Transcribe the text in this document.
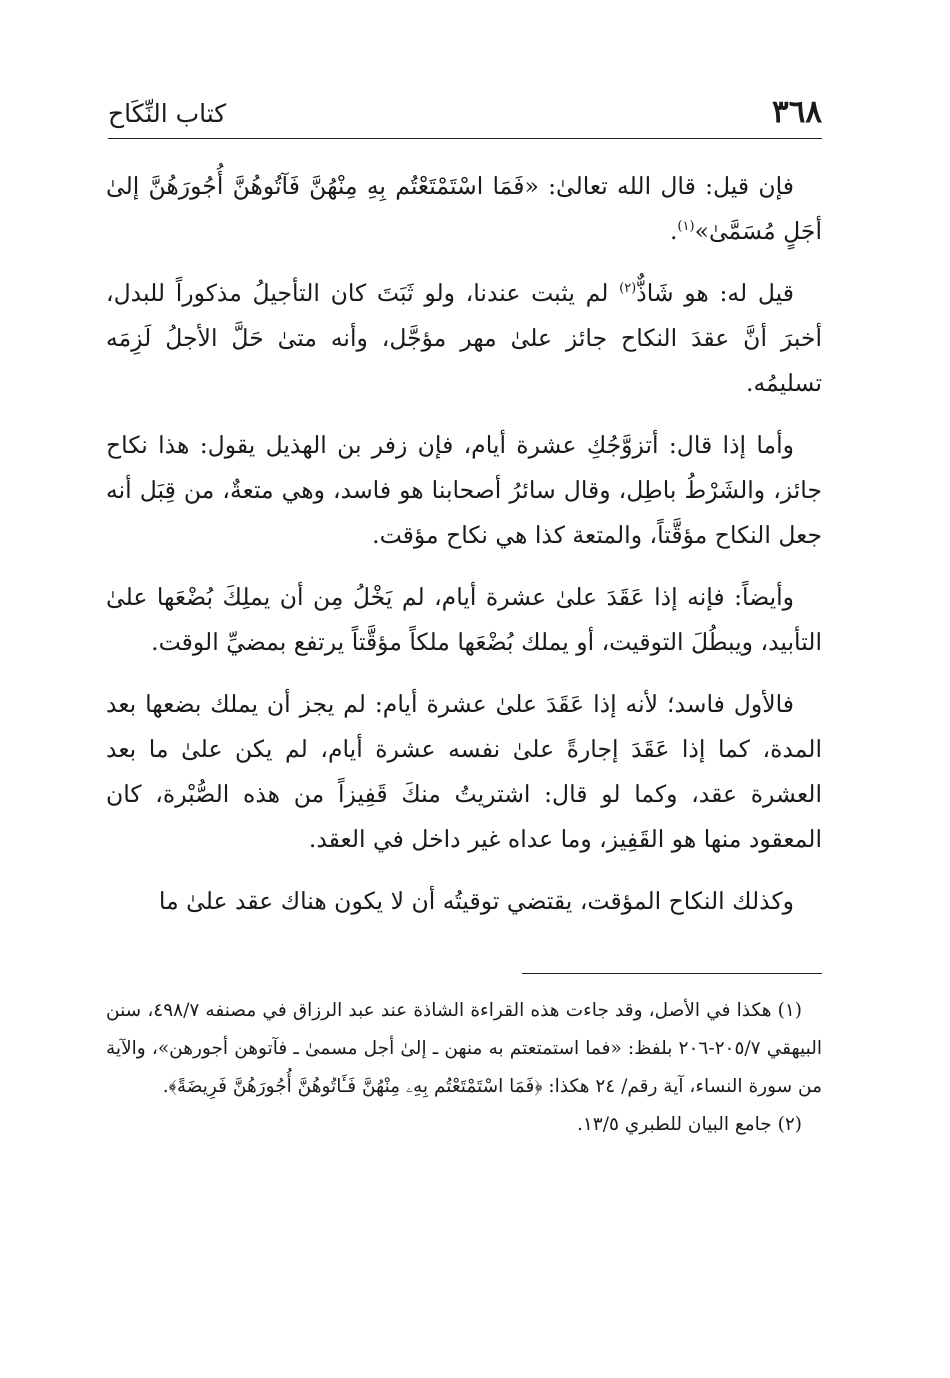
٣٦٨
كتاب النِّكَاح

فإن قيل: قال الله تعالىٰ: «فَمَا اسْتَمْتَعْتُم بِهِ مِنْهُنَّ فَآتُوهُنَّ أُجُورَهُنَّ إلىٰ أجَلٍ مُسَمَّىٰ»$^{(١)}$.

قيل له: هو شَاذٌّ$^{(٢)}$ لم يثبت عندنا، ولو ثَبَتَ كان التأجيلُ مذكوراً للبدل، أخبرَ أنَّ عقدَ النكاح جائز علىٰ مهر مؤجَّل، وأنه متىٰ حَلَّ الأجلُ لَزِمَه تسليمُه.

وأما إذا قال: أتزوَّجُكِ عشرة أيام، فإن زفر بن الهذيل يقول: هذا نكاح جائز، والشَرْطُ باطِل، وقال سائرُ أصحابنا هو فاسد، وهي متعةٌ، من قِبَل أنه جعل النكاح مؤقَّتاً، والمتعة كذا هي نكاح مؤقت.

وأيضاً: فإنه إذا عَقَدَ علىٰ عشرة أيام، لم يَخْلُ مِن أن يملِكَ بُضْعَها علىٰ التأبيد، ويبطُلَ التوقيت، أو يملك بُضْعَها ملكاً مؤقَّتاً يرتفع بمضيِّ الوقت.

فالأول فاسد؛ لأنه إذا عَقَدَ علىٰ عشرة أيام: لم يجز أن يملك بضعها بعد المدة، كما إذا عَقَدَ إجارةً علىٰ نفسه عشرة أيام، لم يكن علىٰ ما بعد العشرة عقد، وكما لو قال: اشتريتُ منكَ قَفِيزاً من هذه الصُّبْرة، كان المعقود منها هو القَفِيز، وما عداه غير داخل في العقد.

وكذلك النكاح المؤقت، يقتضي توقيتُه أن لا يكون هناك عقد علىٰ ما

(١) هكذا في الأصل، وقد جاءت هذه القراءة الشاذة عند عبد الرزاق في مصنفه ٤٩٨/٧، سنن البيهقي ٢٠٥/٧-٢٠٦ بلفظ: «فما استمتعتم به منهن ـ إلىٰ أجل مسمىٰ ـ فآتوهن أجورهن»، والآية من سورة النساء، آية رقم/ ٢٤ هكذا: ﴿فَمَا اسْتَمْتَعْتُم بِهِۦ مِنْهُنَّ فَـَٔاتُوهُنَّ أُجُورَهُنَّ فَرِيضَةً﴾.

(٢) جامع البيان للطبري ١٣/٥.
